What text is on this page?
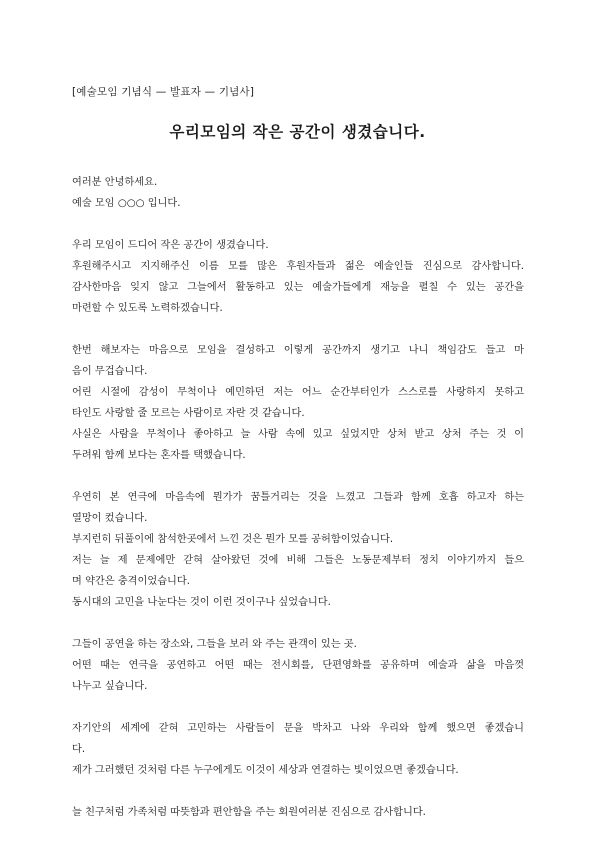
[예술모임 기념식 — 발표자 — 기념사]
우리모임의 작은 공간이 생겼습니다.
여러분 안녕하세요.
예술 모임 ○○○ 입니다.
우리 모임이 드디어 작은 공간이 생겼습니다.
후원해주시고 지지해주신 이름 모를 많은 후원자들과 젊은 예술인들 진심으로 감사합니다.
감사한마음 잊지 않고 그늘에서 활동하고 있는 예술가들에게 재능을 펼칠 수 있는 공간을
마련할 수 있도록 노력하겠습니다.
한번 해보자는 마음으로 모임을 결성하고 이렇게 공간까지 생기고 나니 책임감도 들고 마
음이 무겁습니다.
어린 시절에 감성이 무척이나 예민하던 저는 어느 순간부터인가 스스로를 사랑하지 못하고
타인도 사랑할 줄 모르는 사람이로 자란 것 같습니다.
사실은 사람을 무척이나 좋아하고 늘 사람 속에 있고 싶었지만 상처 받고 상처 주는 것 이
두려워 함께 보다는 혼자를 택했습니다.
우연히 본 연극에 마음속에 뭔가가 꿈틀거리는 것을 느꼈고 그들과 함께 호흡 하고자 하는
열망이 컸습니다.
부지런히 뒤풀이에 참석한곳에서 느낀 것은 뭔가 모를 공허함이었습니다.
저는 늘 제 문제에만 갇혀 살아왔던 것에 비해 그들은 노동문제부터 정치 이야기까지 들으
며 약간은 충격이었습니다.
동시대의 고민을 나눈다는 것이 이런 것이구나 싶었습니다.
그들이 공연을 하는 장소와, 그들을 보러 와 주는 관객이 있는 곳.
어떤 때는 연극을 공연하고 어떤 때는 전시회를, 단편영화를 공유하며 예술과 삶을 마음껏
나누고 싶습니다.
자기안의 세계에 갇혀 고민하는 사람들이 문을 박차고 나와 우리와 함께 했으면 좋겠습니
다.
제가 그러했던 것처럼 다른 누구에게도 이것이 세상과 연결하는 빛이었으면 좋겠습니다.
늘 친구처럼 가족처럼 따뜻함과 편안함을 주는 회원여러분 진심으로 감사합니다.
